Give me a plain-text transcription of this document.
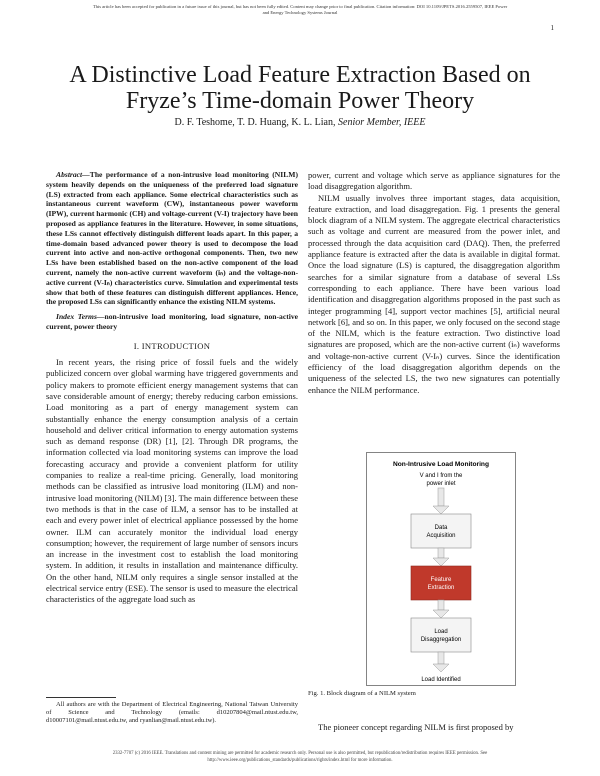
This article has been accepted for publication in a future issue of this journal, but has not been fully edited. Content may change prior to final publication. Citation information: DOI 10.1109/JPETS.2016.2559507, IEEE Power
and Energy Technology Systems Journal
1
A Distinctive Load Feature Extraction Based on
Fryze’s Time-domain Power Theory
D. F. Teshome, T. D. Huang, K. L. Lian, Senior Member, IEEE

Abstract—The performance of a non-intrusive load monitoring (NILM) system heavily depends on the uniqueness of the preferred load signature (LS) extracted from each appliance. Some electrical characteristics such as instantaneous current waveform (CW), instantaneous power waveform (IPW), current harmonic (CH) and voltage-current (V-I) trajectory have been proposed as appliance features in the literature. However, in some situations, these LSs cannot effectively distinguish different loads apart. In this paper, a time-domain based advanced power theory is used to decompose the load current into active and non-active orthogonal components. Then, two new LSs have been established based on the non-active component of the load current, namely the non-active current waveform (iₙ) and the voltage-non-active current (V-Iₙ) characteristics curve. Simulation and experimental tests show that both of these features can distinguish different appliances. Hence, the proposed LSs can significantly enhance the existing NILM systems.

Index Terms—non-intrusive load monitoring, load signature, non-active current, power theory

I. INTRODUCTION

In recent years, the rising price of fossil fuels and the widely publicized concern over global warming have triggered governments and policy makers to promote efficient energy management systems that can save considerable amount of energy; thereby reducing carbon emissions. Load monitoring as a part of energy management system can substantially enhance the energy consumption analysis of a certain household and deliver critical information to energy automation systems such as demand response (DR) [1], [2]. Through DR programs, the information collected via load monitoring systems can improve the load forecasting accuracy and provide a convenient platform for utility companies to realize a real-time pricing. Generally, load monitoring methods can be classified as intrusive load monitoring (ILM) and non-intrusive load monitoring (NILM) [3]. The main difference between these two methods is that in the case of ILM, a sensor has to be installed at each and every power inlet of electrical appliance possessed by the home owner. ILM can accurately monitor the individual load energy consumption; however, the requirement of large number of sensors incurs an increase in the investment cost to establish the load monitoring system. In addition, it results in installation and maintenance difficulty. On the other hand, NILM only requires a single sensor installed at the electrical service entry (ESE). The sensor is used to measure the electrical characteristics of the aggregate load such as

power, current and voltage which serve as appliance signatures for the load disaggregation algorithm.

NILM usually involves three important stages, data acquisition, feature extraction, and load disaggregation. Fig. 1 presents the general block diagram of a NILM system. The aggregate electrical characteristics such as voltage and current are measured from the power inlet, and processed through the data acquisition card (DAQ). Then, the preferred appliance feature is extracted after the data is available in digital format. Once the load signature (LS) is captured, the disaggregation algorithm searches for a similar signature from a database of several LSs corresponding to each appliance. There have been various load identification and disaggregation algorithms proposed in the past such as integer programming [4], support vector machines [5], artificial neural network [6], and so on. In this paper, we only focused on the second stage of the NILM, which is the feature extraction. Two distinctive load signatures are proposed, which are the non-active current (iₙ) waveforms and voltage-non-active current (V-Iₙ) curves. Since the identification efficiency of the load disaggregation algorithm depends on the uniqueness of the selected LS, the two new signatures can potentially enhance the NILM performance.

Non-Intrusive Load Monitoring
V and I from the
power inlet
Data
Acquisition
Feature
Extraction
Load
Disaggregation
Load Identified
Fig. 1. Block diagram of a NILM system
All authors are with the Department of Electrical Engineering, National Taiwan University of Science and Technology (emails: d10207804@mail.ntust.edu.tw, d10007101@mail.ntust.edu.tw, and ryanlian@mail.ntust.edu.tw).
The pioneer concept regarding NILM is first proposed by
2332-7707 (c) 2016 IEEE. Translations and content mining are permitted for academic research only. Personal use is also permitted, but republication/redistribution requires IEEE permission. See
http://www.ieee.org/publications_standards/publications/rights/index.html for more information.
